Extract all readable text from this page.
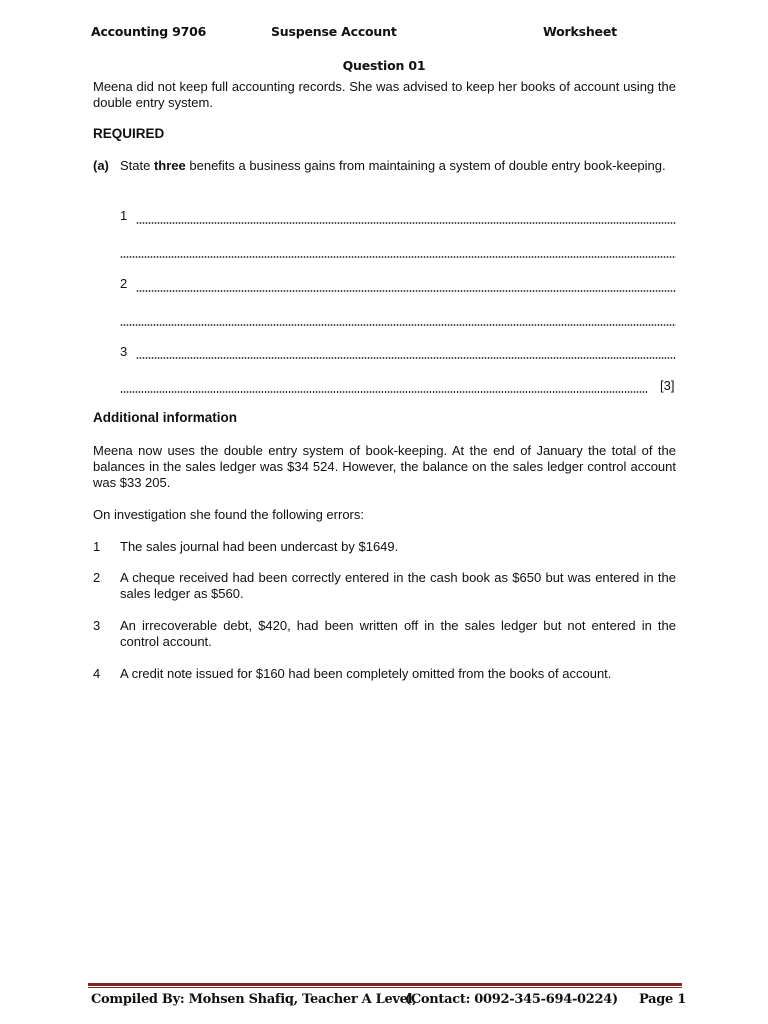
Accounting 9706	Suspense Account	Worksheet
Question 01
Meena did not keep full accounting records. She was advised to keep her books of account using the double entry system.
REQUIRED
(a) State three benefits a business gains from maintaining a system of double entry book-keeping.
1
2
3
[3]
Additional information
Meena now uses the double entry system of book-keeping. At the end of January the total of the balances in the sales ledger was $34 524. However, the balance on the sales ledger control account was $33 205.
On investigation she found the following errors:
1 The sales journal had been undercast by $1649.
2 A cheque received had been correctly entered in the cash book as $650 but was entered in the sales ledger as $560.
3 An irrecoverable debt, $420, had been written off in the sales ledger but not entered in the control account.
4 A credit note issued for $160 had been completely omitted from the books of account.
Compiled By: Mohsen Shafiq, Teacher A Level,
(Contact: 0092-345-694-0224) Page 1
